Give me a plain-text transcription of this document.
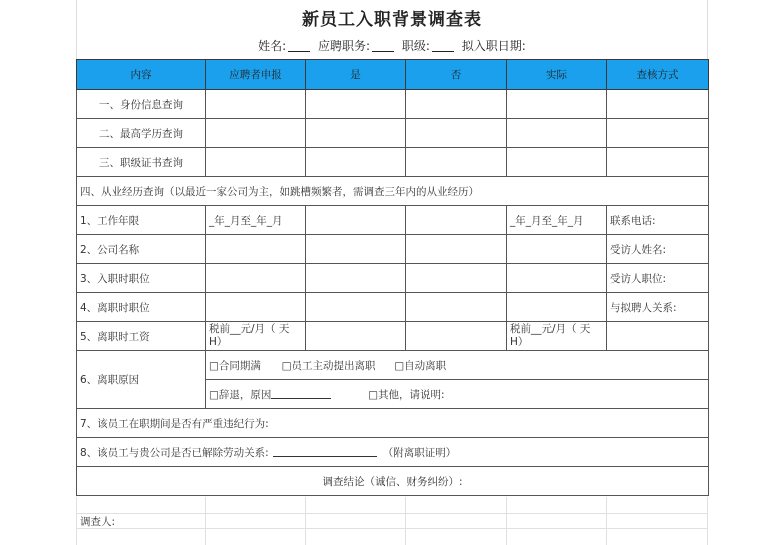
新员工入职背景调查表
姓名:	应聘职务:	职级:	拟入职日期:
内容	应聘者申报	是	否	实际	查核方式
一、身份信息查询					
二、最高学历查询					
三、职级证书查询					
四、从业经历查询（以最近一家公司为主，如跳槽频繁者，需调查三年内的从业经历）					
1、工作年限	_年_月至_年_月			_年_月至_年_月	联系电话:
2、公司名称					受访人姓名:
3、入职时职位					受访人职位:
4、离职时职位					与拟聘人关系:
5、离职时工资	税前__元/月（ 天H）			税前__元/月（ 天H）	
6、离职原因	□合同期满 □员工主动提出离职 □自动离职				
	□辞退，原因 □其他，请说明:				
7、该员工在职期间是否有严重违纪行为:					
8、该员工与贵公司是否已解除劳动关系: （附离职证明）					
调查结论（诚信、财务纠纷）:					
调查人:
